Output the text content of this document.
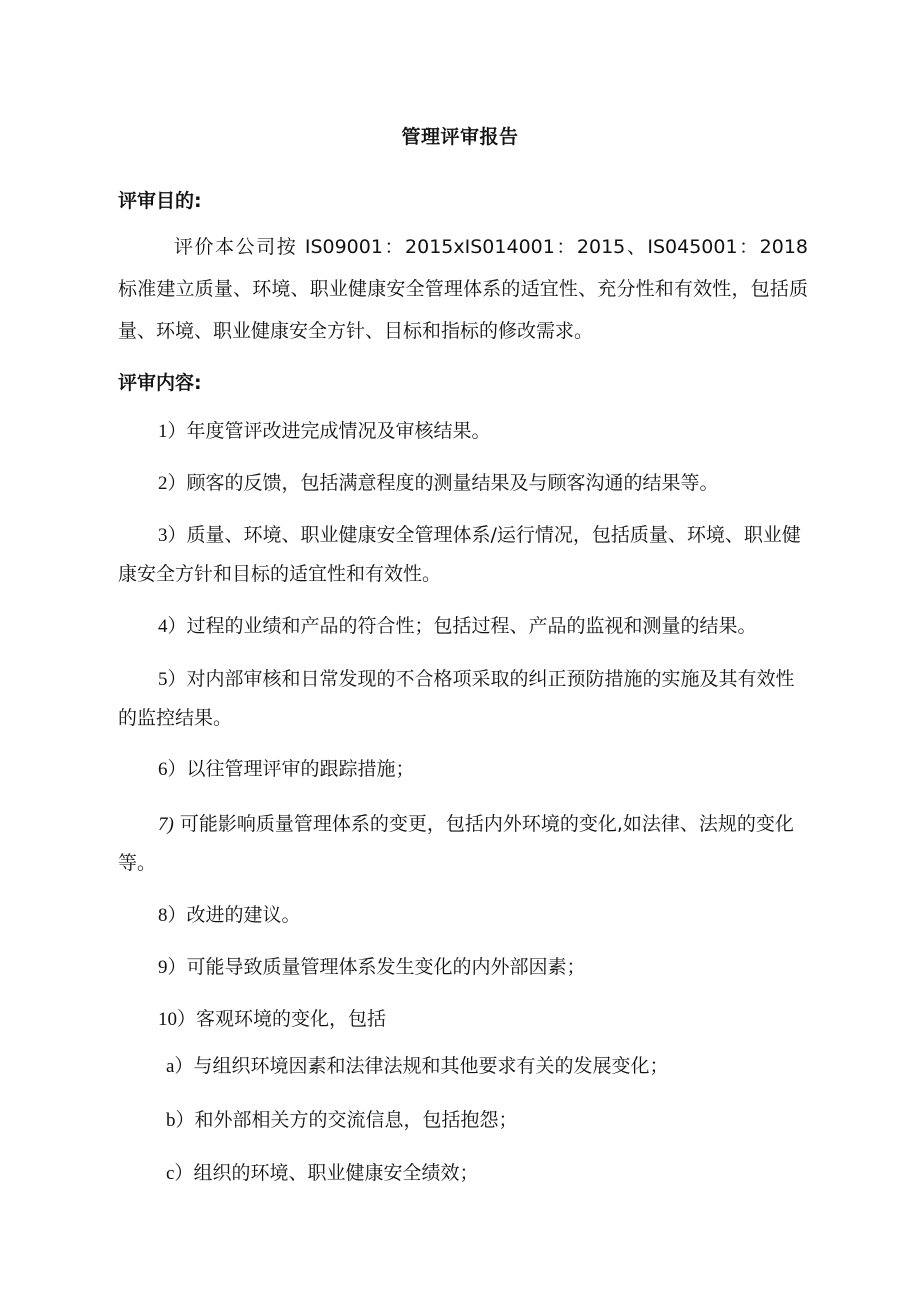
管理评审报告
评审目的:
评价本公司按 IS09001：2015xIS014001：2015、IS045001：2018 标准建立质量、环境、职业健康安全管理体系的适宜性、充分性和有效性，包括质量、环境、职业健康安全方针、目标和指标的修改需求。
评审内容:
1）年度管评改进完成情况及审核结果。
2）顾客的反馈，包括满意程度的测量结果及与顾客沟通的结果等。
3）质量、环境、职业健康安全管理体系/运行情况，包括质量、环境、职业健康安全方针和目标的适宜性和有效性。
4）过程的业绩和产品的符合性；包括过程、产品的监视和测量的结果。
5）对内部审核和日常发现的不合格项采取的纠正预防措施的实施及其有效性的监控结果。
6）以往管理评审的跟踪措施；
7) 可能影响质量管理体系的变更，包括内外环境的变化,如法律、法规的变化等。
8）改进的建议。
9）可能导致质量管理体系发生变化的内外部因素；
10）客观环境的变化，包括
a）与组织环境因素和法律法规和其他要求有关的发展变化；
b）和外部相关方的交流信息，包括抱怨；
c）组织的环境、职业健康安全绩效；
